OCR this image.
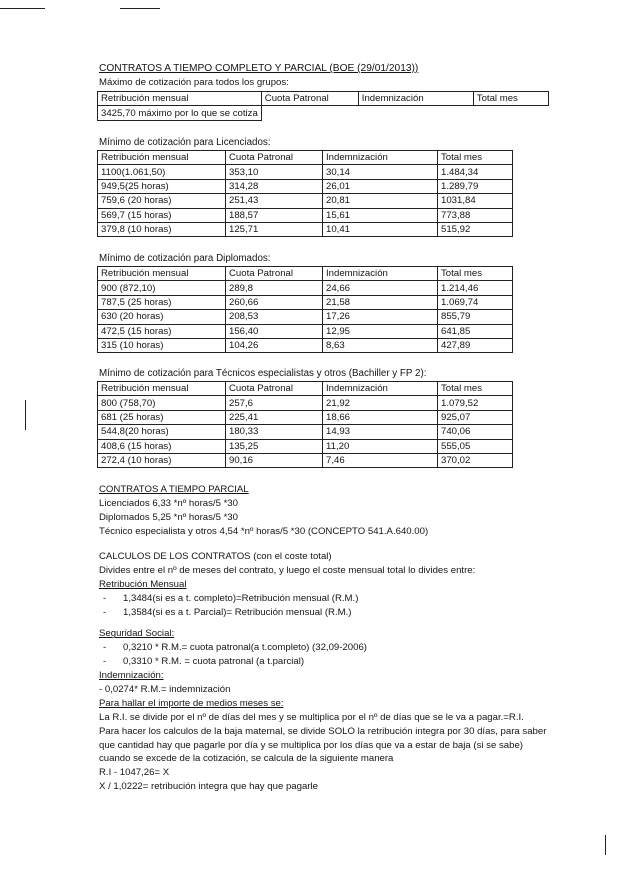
CONTRATOS A TIEMPO COMPLETO Y PARCIAL (BOE (29/01/2013))
Máximo de cotización para todos los grupos:
Retribución mensual	Cuota Patronal	Indemnización	Total mes
3425,70 máximo por lo que se cotiza			
Mínimo de cotización para Licenciados:
Retribución mensual	Cuota Patronal	Indemnización	Total mes
1100(1.061,50)	353,10	30,14	1.484,34
949,5(25 horas)	314,28	26,01	1.289,79
759,6 (20 horas)	251,43	20,81	1031,84
569,7 (15 horas)	188,57	15,61	773,88
379,8 (10 horas)	125,71	10,41	515,92
Mínimo de cotización para Diplomados:
Retribución mensual	Cuota Patronal	Indemnización	Total mes
900 (872,10)	289,8	24,66	1.214,46
787,5 (25 horas)	260,66	21,58	1.069,74
630 (20 horas)	208,53	17,26	855,79
472,5 (15 horas)	156,40	12,95	641,85
315 (10 horas)	104,26	8,63	427,89
Mínimo de cotización para Técnicos especialistas y otros (Bachiller y FP 2):
Retribución mensual	Cuota Patronal	Indemnización	Total mes
800 (758,70)	257,6	21,92	1.079,52
681 (25 horas)	225,41	18,66	925,07
544,8(20 horas)	180,33	14,93	740,06
408,6 (15 horas)	135,25	11,20	555,05
272,4 (10 horas)	90,16	7,46	370,02
CONTRATOS A TIEMPO PARCIAL
Licenciados 6,33 *nº horas/5 *30
Diplomados 5,25 *nº horas/5 *30
Técnico especialista y otros 4,54 *nº horas/5 *30 (CONCEPTO 541.A.640.00)
CALCULOS DE LOS CONTRATOS (con el coste total)
Divides entre el nº de meses del contrato, y luego el coste mensual total lo divides entre:
Retribución Mensual
- 1,3484(si es a t. completo)=Retribución mensual (R.M.)
- 1,3584(si es a t. Parcial)= Retribución mensual (R.M.)
Seguridad Social:
- 0,3210 * R.M.= cuota patronal(a t.completo) (32,09-2006)
- 0,3310 * R.M. = cuota patronal (a t.parcial)
Indemnización:
- 0,0274* R.M.= indemnización
Para hallar el importe de medios meses se:
La R.I. se divide por el nº de días del mes y se multiplica por el nº de días que se le va a pagar.=R.I.
Para hacer los calculos de la baja maternal, se divide SOLO la retribución integra por 30 días, para saber
que cantidad hay que pagarle por día y se multiplica por los días que va a estar de baja (si se sabe)
cuando se excede de la cotización, se calcula de la siguiente manera
R.I - 1047,26= X
X / 1,0222= retribución integra que hay que pagarle
